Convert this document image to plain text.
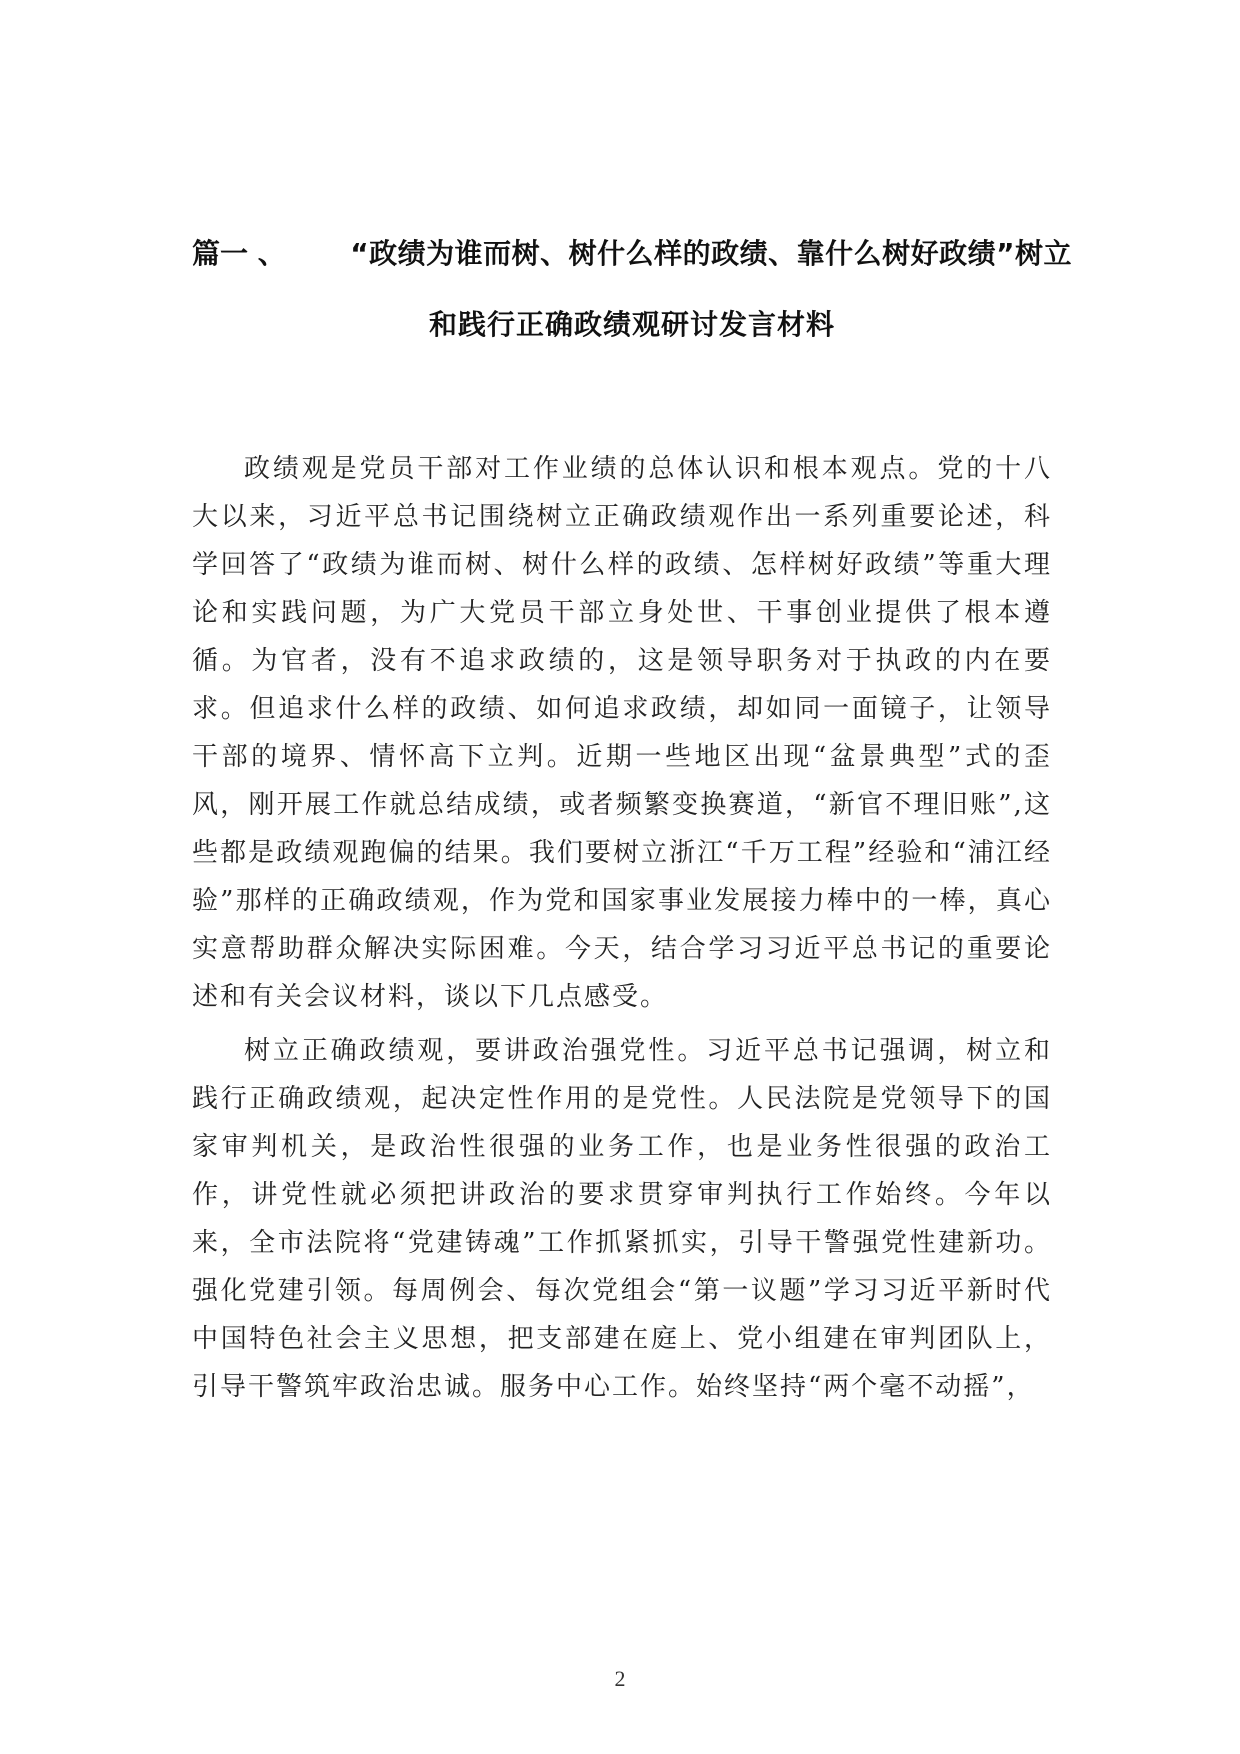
篇一 、 “政绩为谁而树、树什么样的政绩、靠什么树好政绩”树立
和践行正确政绩观研讨发言材料

政绩观是党员干部对工作业绩的总体认识和根本观点。党的十八大以来，习近平总书记围绕树立正确政绩观作出一系列重要论述，科学回答了“政绩为谁而树、树什么样的政绩、怎样树好政绩”等重大理论和实践问题，为广大党员干部立身处世、干事创业提供了根本遵循。为官者，没有不追求政绩的，这是领导职务对于执政的内在要求。但追求什么样的政绩、如何追求政绩，却如同一面镜子，让领导干部的境界、情怀高下立判。近期一些地区出现“盆景典型”式的歪风，刚开展工作就总结成绩，或者频繁变换赛道，“新官不理旧账”,这些都是政绩观跑偏的结果。我们要树立浙江“千万工程”经验和“浦江经验”那样的正确政绩观，作为党和国家事业发展接力棒中的一棒，真心实意帮助群众解决实际困难。今天，结合学习习近平总书记的重要论述和有关会议材料，谈以下几点感受。

树立正确政绩观，要讲政治强党性。习近平总书记强调，树立和践行正确政绩观，起决定性作用的是党性。人民法院是党领导下的国家审判机关，是政治性很强的业务工作，也是业务性很强的政治工作，讲党性就必须把讲政治的要求贯穿审判执行工作始终。今年以来，全市法院将“党建铸魂”工作抓紧抓实，引导干警强党性建新功。强化党建引领。每周例会、每次党组会“第一议题”学习习近平新时代中国特色社会主义思想，把支部建在庭上、党小组建在审判团队上，引导干警筑牢政治忠诚。服务中心工作。始终坚持“两个毫不动摇”，

2
